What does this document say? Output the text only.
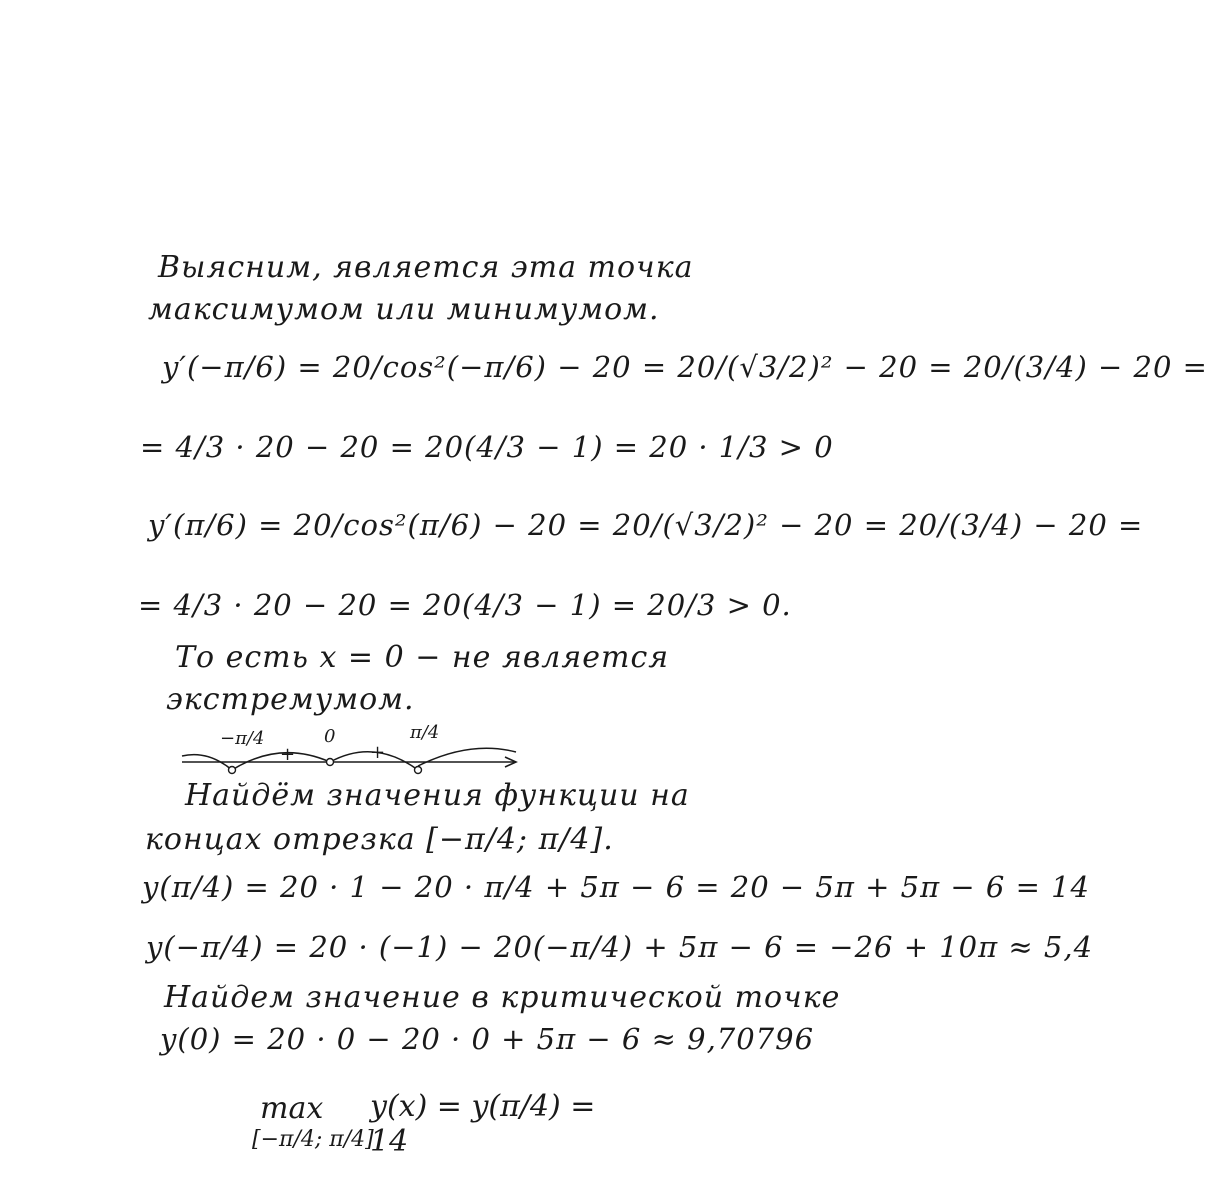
Выясним, является эта точка
максимумом или минимумом.
y′(−π/6) = 20/cos²(−π/6) − 20 = 20/(√3/2)² − 20 = 20/(3/4) − 20 =
= 4/3 · 20 − 20 = 20(4/3 − 1) = 20 · 1/3 > 0
y′(π/6) = 20/cos²(π/6) − 20 = 20/(√3/2)² − 20 = 20/(3/4) − 20 =
= 4/3 · 20 − 20 = 20(4/3 − 1) = 20/3 > 0.
То есть x = 0 − не является
экстремумом.
−π/4	0	π/4
+	+
Найдём значения функции на
концах отрезка [−π/4; π/4].
y(π/4) = 20 · 1 − 20 · π/4 + 5π − 6 = 20 − 5π + 5π − 6 = 14
y(−π/4) = 20 · (−1) − 20(−π/4) + 5π − 6 = −26 + 10π ≈ 5,4
Найдем значение в критической точке
y(0) = 20 · 0 − 20 · 0 + 5π − 6 ≈ 9,70796
max
[−π/4; π/4]
y(x) = y(π/4) = 14
